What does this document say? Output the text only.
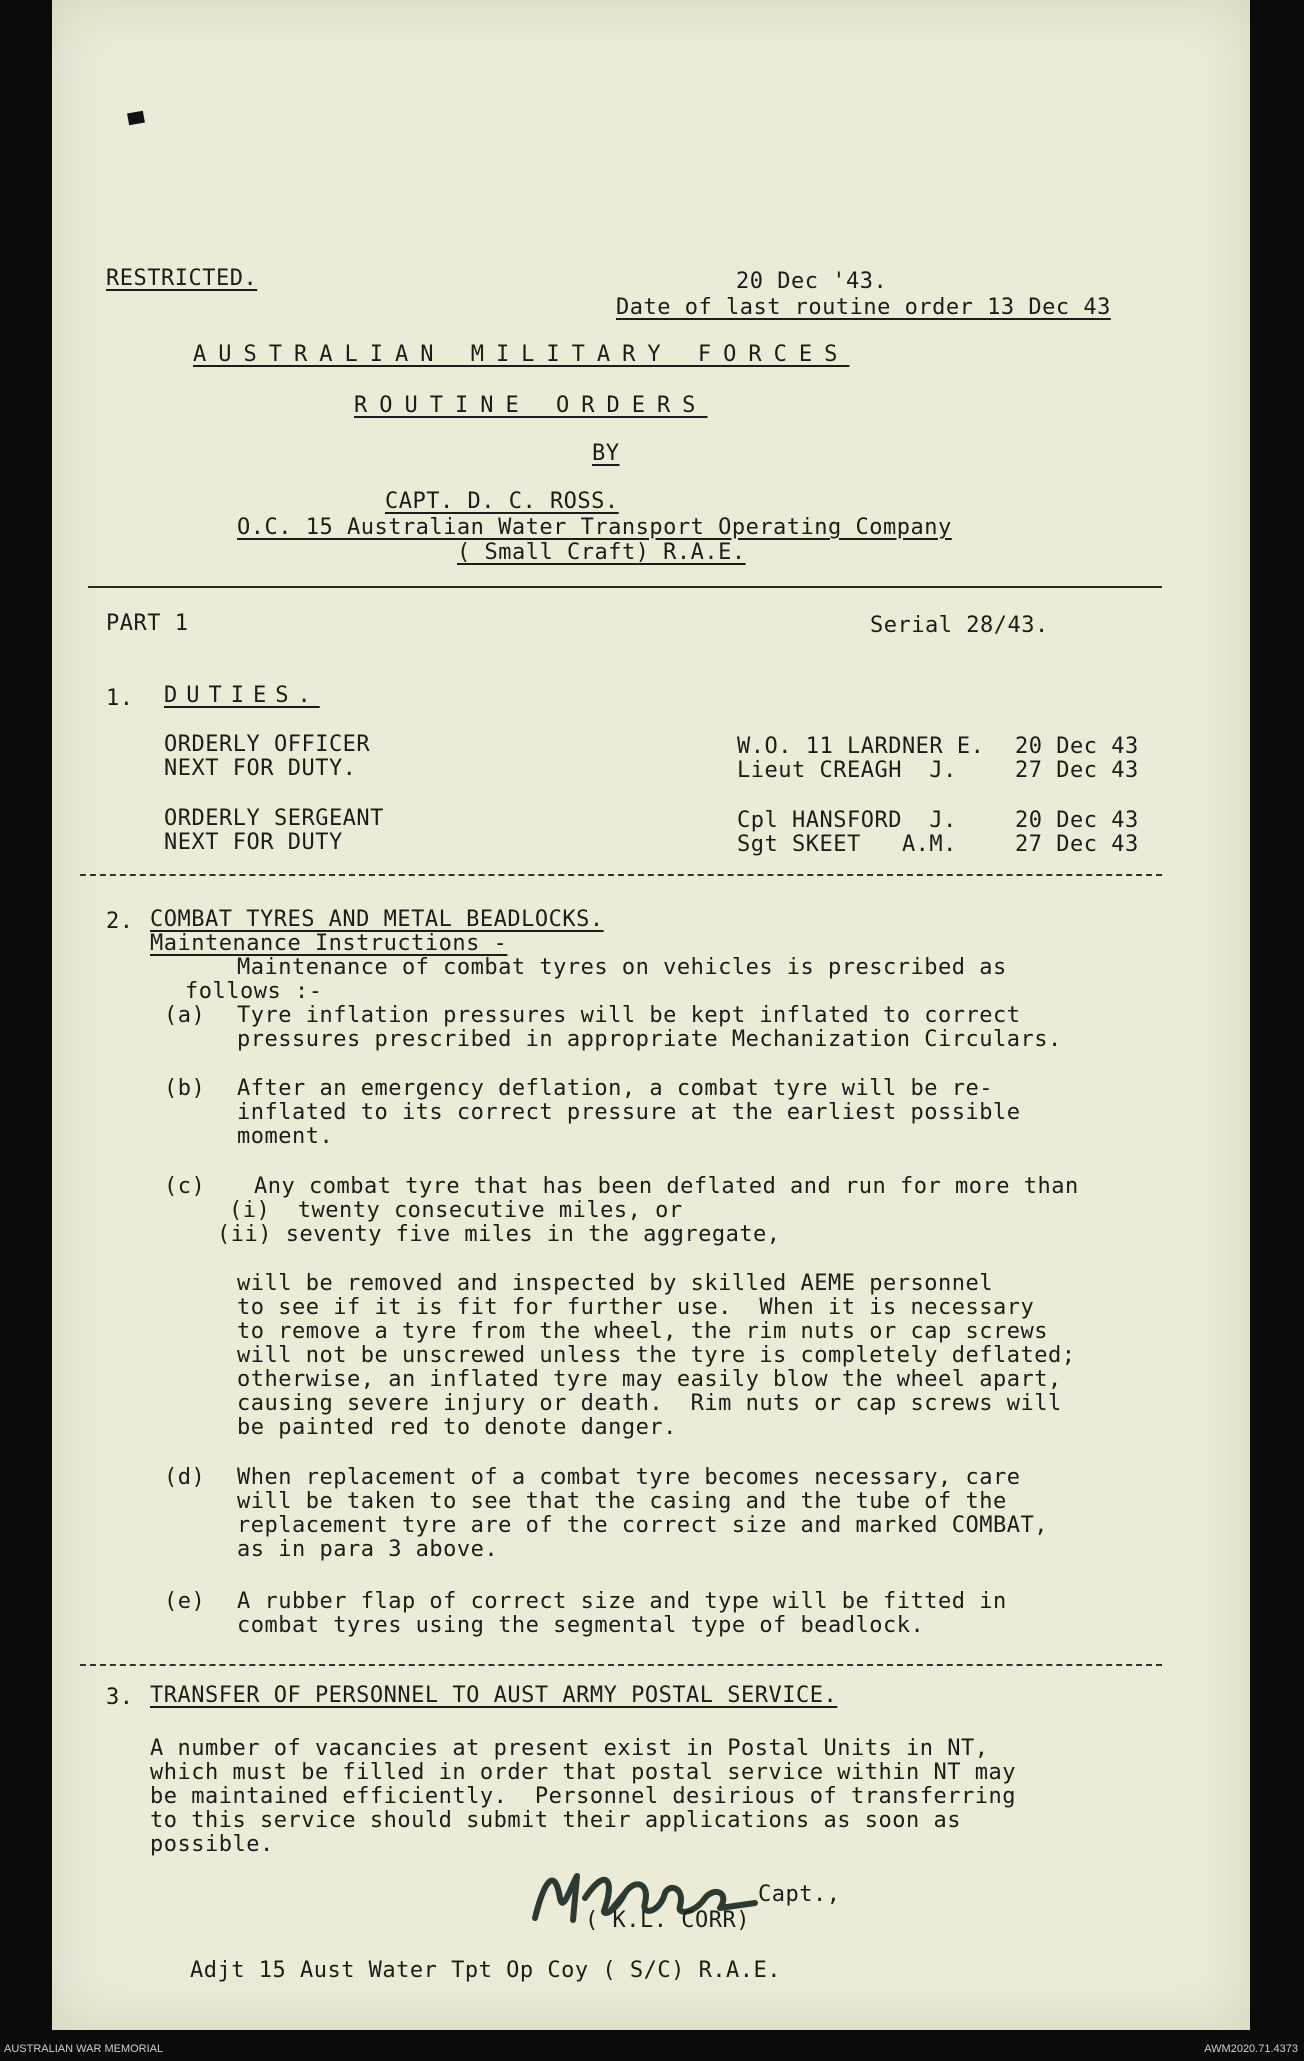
RESTRICTED.	20 Dec '43.
Date of last routine order 13 Dec 43
AUSTRALIAN MILITARY FORCES
ROUTINE ORDERS
BY
CAPT. D. C. ROSS.
O.C. 15 Australian Water Transport Operating Company
( Small Craft) R.A.E.
PART 1	Serial 28/43.
1. DUTIES.
ORDERLY OFFICER	W.O. 11 LARDNER E. 20 Dec 43
NEXT FOR DUTY.	Lieut CREAGH  J.	27 Dec 43
ORDERLY SERGEANT	Cpl HANSFORD  J.	20 Dec 43
NEXT FOR DUTY	Sgt SKEET   A.M.	27 Dec 43
2. COMBAT TYRES AND METAL BEADLOCKS.
Maintenance Instructions -
Maintenance of combat tyres on vehicles is prescribed as
follows :-
(a) Tyre inflation pressures will be kept inflated to correct
pressures prescribed in appropriate Mechanization Circulars.
(b) After an emergency deflation, a combat tyre will be re-
inflated to its correct pressure at the earliest possible
moment.
(c) Any combat tyre that has been deflated and run for more than
(i)  twenty consecutive miles, or
(ii) seventy five miles in the aggregate,
will be removed and inspected by skilled AEME personnel
to see if it is fit for further use.  When it is necessary
to remove a tyre from the wheel, the rim nuts or cap screws
will not be unscrewed unless the tyre is completely deflated;
otherwise, an inflated tyre may easily blow the wheel apart,
causing severe injury or death.  Rim nuts or cap screws will
be painted red to denote danger.
(d) When replacement of a combat tyre becomes necessary, care
will be taken to see that the casing and the tube of the
replacement tyre are of the correct size and marked COMBAT,
as in para 3 above.
(e) A rubber flap of correct size and type will be fitted in
combat tyres using the segmental type of beadlock.
3. TRANSFER OF PERSONNEL TO AUST ARMY POSTAL SERVICE.
A number of vacancies at present exist in Postal Units in NT,
which must be filled in order that postal service within NT may
be maintained efficiently.  Personnel desirious of transferring
to this service should submit their applications as soon as
possible.
Capt.,
( K.L. CORR)
Adjt 15 Aust Water Tpt Op Coy ( S/C) R.A.E.
AUSTRALIAN WAR MEMORIAL	AWM2020.71.4373
